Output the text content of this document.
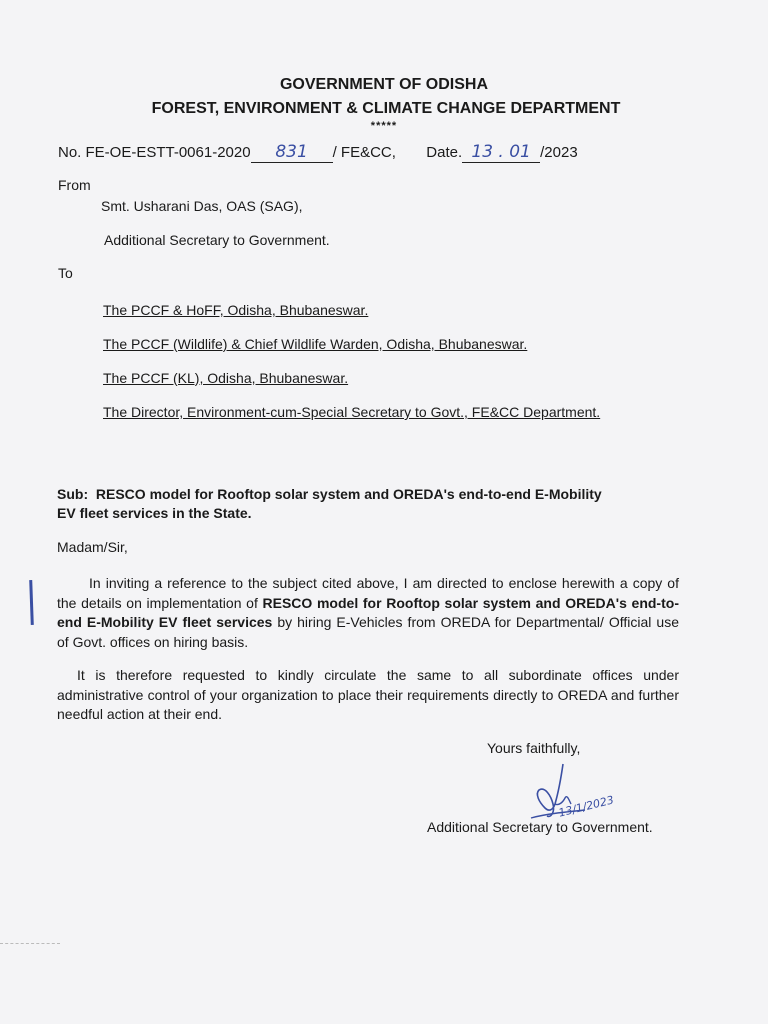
GOVERNMENT OF ODISHA
FOREST, ENVIRONMENT & CLIMATE CHANGE DEPARTMENT
*****
No. FE-OE-ESTT-0061-2020 831 / FE&CC, Date. 13 . 01 /2023
From
Smt. Usharani Das, OAS (SAG),
Additional Secretary to Government.
To
The PCCF & HoFF, Odisha, Bhubaneswar.
The PCCF (Wildlife) & Chief Wildlife Warden, Odisha, Bhubaneswar.
The PCCF (KL), Odisha, Bhubaneswar.
The Director, Environment-cum-Special Secretary to Govt., FE&CC Department.
Sub: RESCO model for Rooftop solar system and OREDA's end-to-end E-Mobility
EV fleet services in the State.
Madam/Sir,
In inviting a reference to the subject cited above, I am directed to enclose herewith a copy of the details on implementation of RESCO model for Rooftop solar system and OREDA's end-to-end E-Mobility EV fleet services by hiring E-Vehicles from OREDA for Departmental/ Official use of Govt. offices on hiring basis.
It is therefore requested to kindly circulate the same to all subordinate offices under administrative control of your organization to place their requirements directly to OREDA and further needful action at their end.
Yours faithfully,
13/1/2023
Additional Secretary to Government.
